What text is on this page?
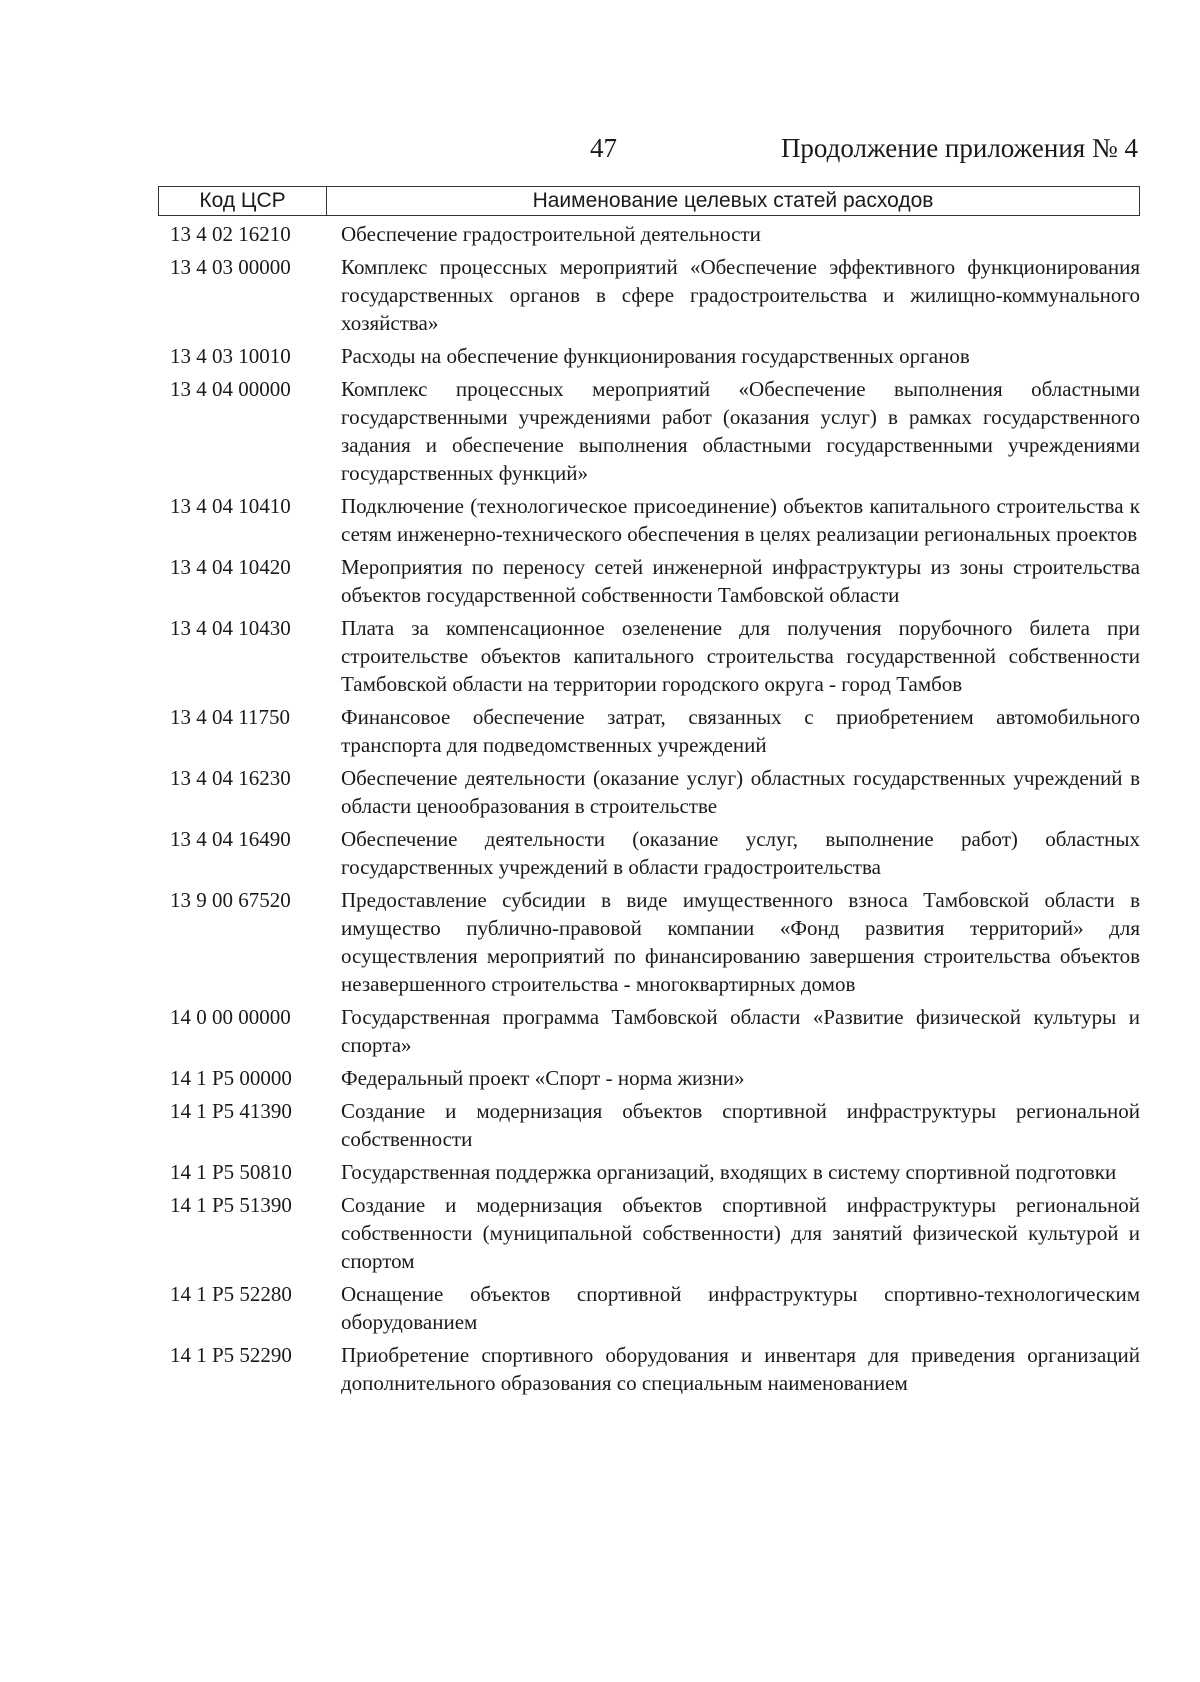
47	Продолжение приложения № 4
Код ЦСР	Наименование целевых статей расходов
13 4 02 16210	Обеспечение градостроительной деятельности
13 4 03 00000	Комплекс процессных мероприятий «Обеспечение эффективного функционирования государственных органов в сфере градостроительства и жилищно-коммунального хозяйства»
13 4 03 10010	Расходы на обеспечение функционирования государственных органов
13 4 04 00000	Комплекс процессных мероприятий «Обеспечение выполнения областными государственными учреждениями работ (оказания услуг) в рамках государственного задания и обеспечение выполнения областными государственными учреждениями государственных функций»
13 4 04 10410	Подключение (технологическое присоединение) объектов капитального строительства к сетям инженерно-технического обеспечения в целях реализации региональных проектов
13 4 04 10420	Мероприятия по переносу сетей инженерной инфраструктуры из зоны строительства объектов государственной собственности Тамбовской области
13 4 04 10430	Плата за компенсационное озеленение для получения порубочного билета при строительстве объектов капитального строительства государственной собственности Тамбовской области на территории городского округа - город Тамбов
13 4 04 11750	Финансовое обеспечение затрат, связанных с приобретением автомобильного транспорта для подведомственных учреждений
13 4 04 16230	Обеспечение деятельности (оказание услуг) областных государственных учреждений в области ценообразования в строительстве
13 4 04 16490	Обеспечение деятельности (оказание услуг, выполнение работ) областных государственных учреждений в области градостроительства
13 9 00 67520	Предоставление субсидии в виде имущественного взноса Тамбовской области в имущество публично-правовой компании «Фонд развития территорий» для осуществления мероприятий по финансированию завершения строительства объектов незавершенного строительства - многоквартирных домов
14 0 00 00000	Государственная программа Тамбовской области «Развитие физической культуры и спорта»
14 1 P5 00000	Федеральный проект «Спорт - норма жизни»
14 1 P5 41390	Создание и модернизация объектов спортивной инфраструктуры региональной собственности
14 1 P5 50810	Государственная поддержка организаций, входящих в систему спортивной подготовки
14 1 P5 51390	Создание и модернизация объектов спортивной инфраструктуры региональной собственности (муниципальной собственности) для занятий физической культурой и спортом
14 1 P5 52280	Оснащение объектов спортивной инфраструктуры спортивно-технологическим оборудованием
14 1 P5 52290	Приобретение спортивного оборудования и инвентаря для приведения организаций дополнительного образования со специальным наименованием
